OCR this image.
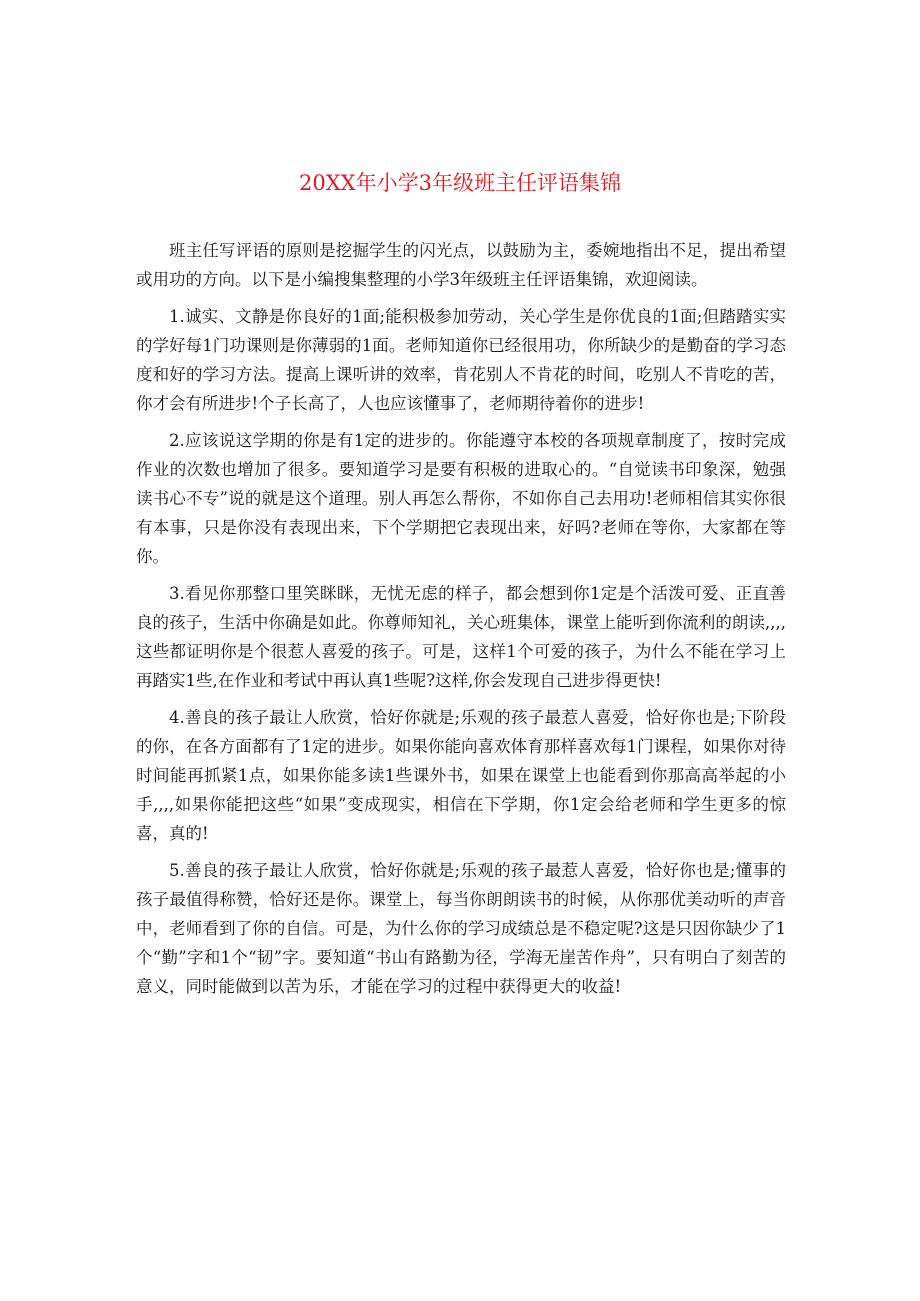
20XX年小学3年级班主任评语集锦

班主任写评语的原则是挖掘学生的闪光点，以鼓励为主，委婉地指出不足，提出希望或用功的方向。以下是小编搜集整理的小学3年级班主任评语集锦，欢迎阅读。

1.诚实、文静是你良好的1面;能积极参加劳动，关心学生是你优良的1面;但踏踏实实的学好每1门功课则是你薄弱的1面。老师知道你已经很用功，你所缺少的是勤奋的学习态度和好的学习方法。提高上课听讲的效率，肯花别人不肯花的时间，吃别人不肯吃的苦，你才会有所进步!个子长高了，人也应该懂事了，老师期待着你的进步!

2.应该说这学期的你是有1定的进步的。你能遵守本校的各项规章制度了，按时完成作业的次数也增加了很多。要知道学习是要有积极的进取心的。“自觉读书印象深，勉强读书心不专”说的就是这个道理。别人再怎么帮你，不如你自己去用功!老师相信其实你很有本事，只是你没有表现出来，下个学期把它表现出来，好吗?老师在等你，大家都在等你。

3.看见你那整口里笑眯眯，无忧无虑的样子，都会想到你1定是个活泼可爱、正直善良的孩子，生活中你确是如此。你尊师知礼，关心班集体，课堂上能听到你流利的朗读,,,,这些都证明你是个很惹人喜爱的孩子。可是，这样1个可爱的孩子，为什么不能在学习上再踏实1些,在作业和考试中再认真1些呢?这样,你会发现自己进步得更快!

4.善良的孩子最让人欣赏，恰好你就是;乐观的孩子最惹人喜爱，恰好你也是;下阶段的你，在各方面都有了1定的进步。如果你能向喜欢体育那样喜欢每1门课程，如果你对待时间能再抓紧1点，如果你能多读1些课外书，如果在课堂上也能看到你那高高举起的小手,,,,如果你能把这些“如果”变成现实，相信在下学期，你1定会给老师和学生更多的惊喜，真的!

5.善良的孩子最让人欣赏，恰好你就是;乐观的孩子最惹人喜爱，恰好你也是;懂事的孩子最值得称赞，恰好还是你。课堂上，每当你朗朗读书的时候，从你那优美动听的声音中，老师看到了你的自信。可是，为什么你的学习成绩总是不稳定呢?这是只因你缺少了1个“勤”字和1个“韧”字。要知道“书山有路勤为径，学海无崖苦作舟”，只有明白了刻苦的意义，同时能做到以苦为乐，才能在学习的过程中获得更大的收益!
